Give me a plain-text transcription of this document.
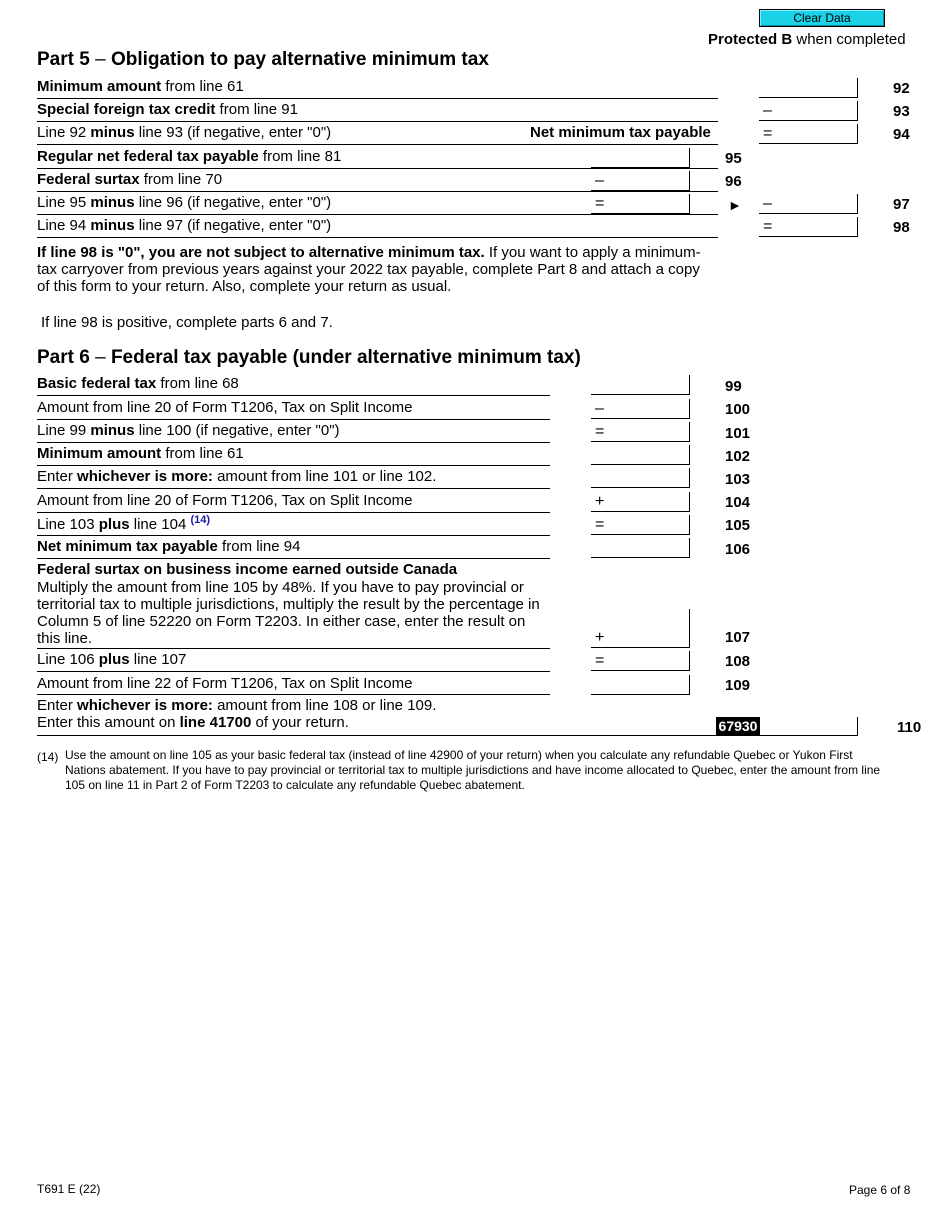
Clear Data
Protected B when completed
Part 5 – Obligation to pay alternative minimum tax
Minimum amount from line 61	92
Special foreign tax credit from line 91	–	93
Line 92 minus line 93 (if negative, enter "0")	Net minimum tax payable	=	94
Regular net federal tax payable from line 81	95
Federal surtax from line 70	–	96
Line 95 minus line 96 (if negative, enter "0")	=	► –	97
Line 94 minus line 97 (if negative, enter "0")	=	98
If line 98 is "0", you are not subject to alternative minimum tax. If you want to apply a minimum-tax carryover from previous years against your 2022 tax payable, complete Part 8 and attach a copy of this form to your return. Also, complete your return as usual.
If line 98 is positive, complete parts 6 and 7.
Part 6 – Federal tax payable (under alternative minimum tax)
Basic federal tax from line 68	99
Amount from line 20 of Form T1206, Tax on Split Income	–	100
Line 99 minus line 100 (if negative, enter "0")	=	101
Minimum amount from line 61	102
Enter whichever is more: amount from line 101 or line 102.	103
Amount from line 20 of Form T1206, Tax on Split Income	+	104
Line 103 plus line 104 $^{(14)}$	=	105
Net minimum tax payable from line 94	106
Federal surtax on business income earned outside Canada
Multiply the amount from line 105 by 48%. If you have to pay provincial or territorial tax to multiple jurisdictions, multiply the result by the percentage in Column 5 of line 52220 on Form T2203. In either case, enter the result on this line.	+	107
Line 106 plus line 107	=	108
Amount from line 22 of Form T1206, Tax on Split Income	109
Enter whichever is more: amount from line 108 or line 109.
Enter this amount on line 41700 of your return.	67930	110
(14) Use the amount on line 105 as your basic federal tax (instead of line 42900 of your return) when you calculate any refundable Quebec or Yukon First Nations abatement. If you have to pay provincial or territorial tax to multiple jurisdictions and have income allocated to Quebec, enter the amount from line 105 on line 11 in Part 2 of Form T2203 to calculate any refundable Quebec abatement.
T691 E (22)	Page 6 of 8
